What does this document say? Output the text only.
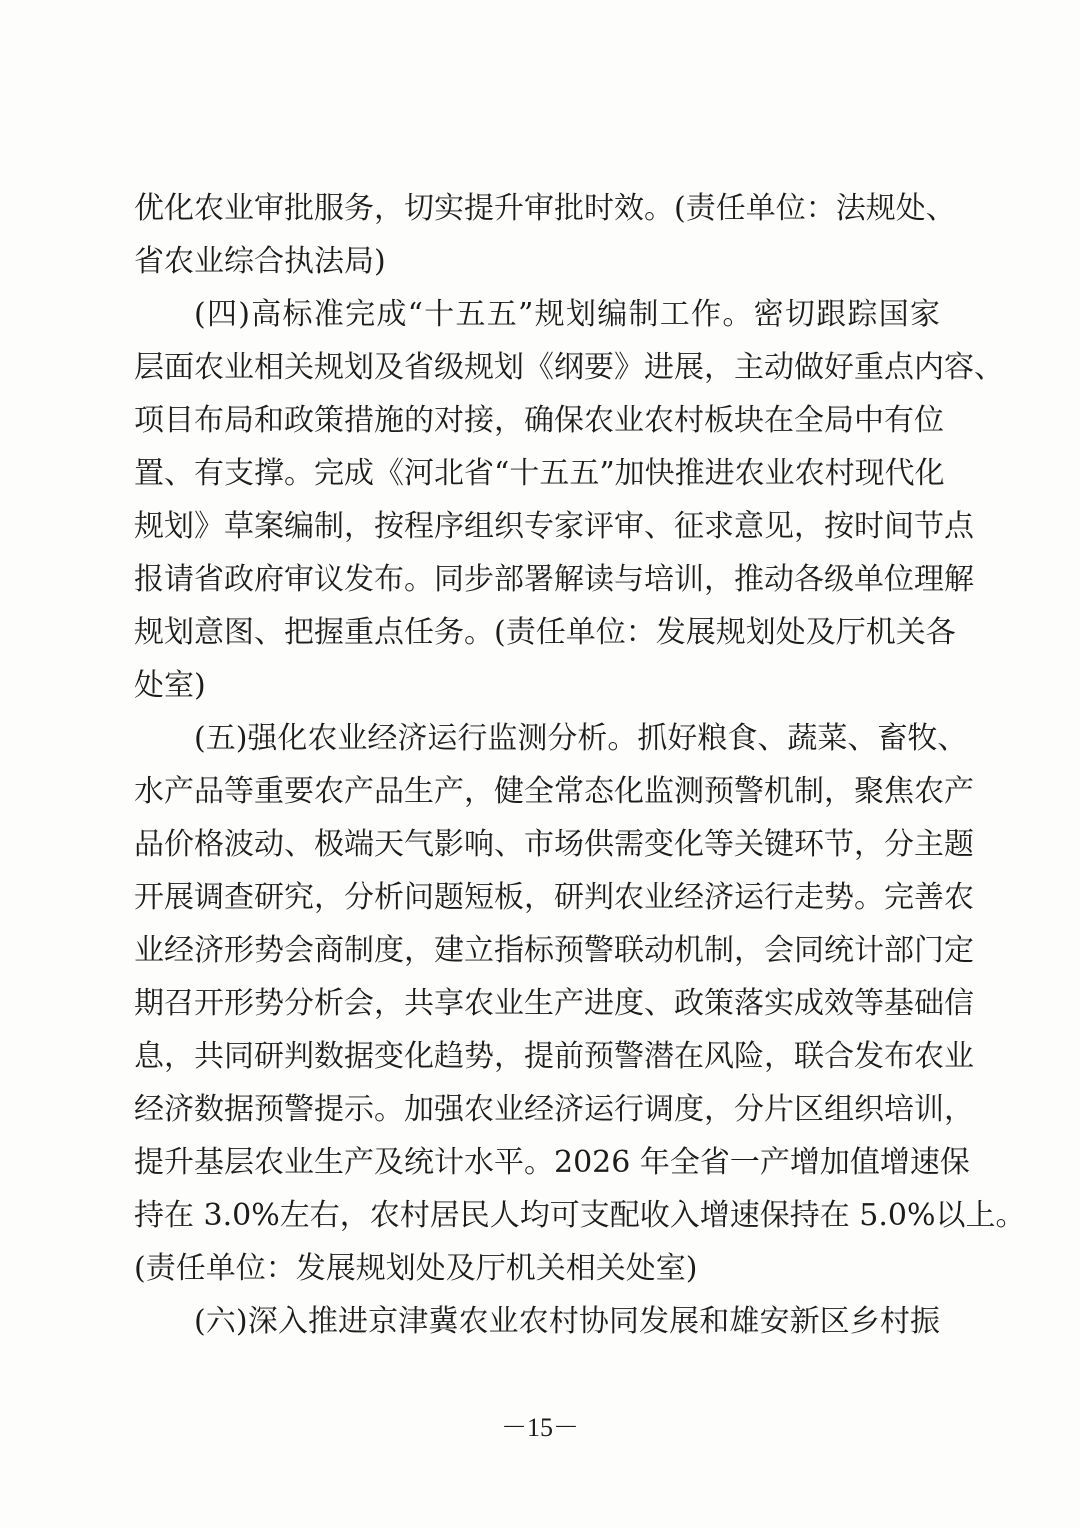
优化农业审批服务，切实提升审批时效。(责任单位：法规处、
省农业综合执法局)
(四)高标准完成“十五五”规划编制工作。密切跟踪国家
层面农业相关规划及省级规划《纲要》进展，主动做好重点内容、
项目布局和政策措施的对接，确保农业农村板块在全局中有位
置、有支撑。完成《河北省“十五五”加快推进农业农村现代化
规划》草案编制，按程序组织专家评审、征求意见，按时间节点
报请省政府审议发布。同步部署解读与培训，推动各级单位理解
规划意图、把握重点任务。(责任单位：发展规划处及厅机关各
处室)
(五)强化农业经济运行监测分析。抓好粮食、蔬菜、畜牧、
水产品等重要农产品生产，健全常态化监测预警机制，聚焦农产
品价格波动、极端天气影响、市场供需变化等关键环节，分主题
开展调查研究，分析问题短板，研判农业经济运行走势。完善农
业经济形势会商制度，建立指标预警联动机制，会同统计部门定
期召开形势分析会，共享农业生产进度、政策落实成效等基础信
息，共同研判数据变化趋势，提前预警潜在风险，联合发布农业
经济数据预警提示。加强农业经济运行调度，分片区组织培训，
提升基层农业生产及统计水平。2026 年全省一产增加值增速保
持在 3.0%左右，农村居民人均可支配收入增速保持在 5.0%以上。
(责任单位：发展规划处及厅机关相关处室)
(六)深入推进京津冀农业农村协同发展和雄安新区乡村振
－15－
